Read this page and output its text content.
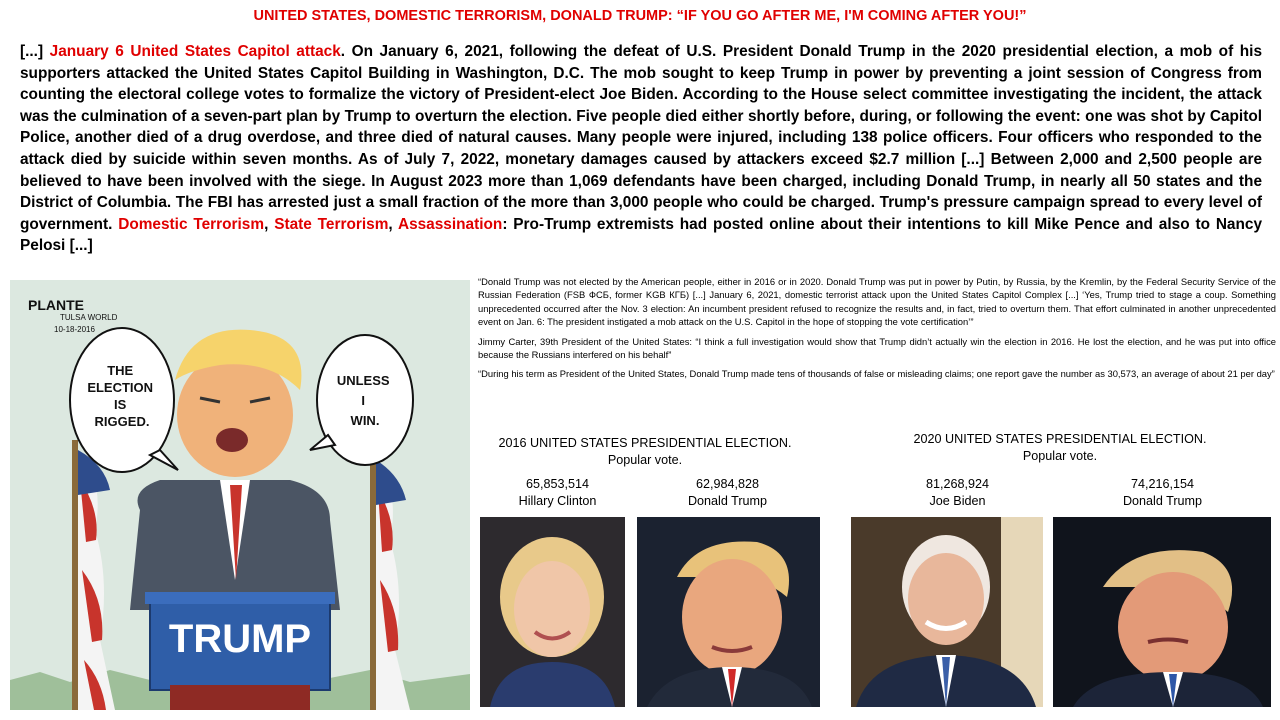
UNITED STATES, DOMESTIC TERRORISM, DONALD TRUMP: “IF YOU GO AFTER ME, I'M COMING AFTER YOU!”
[...] January 6 United States Capitol attack. On January 6, 2021, following the defeat of U.S. President Donald Trump in the 2020 presidential election, a mob of his supporters attacked the United States Capitol Building in Washington, D.C. The mob sought to keep Trump in power by preventing a joint session of Congress from counting the electoral college votes to formalize the victory of President-elect Joe Biden. According to the House select committee investigating the incident, the attack was the culmination of a seven-part plan by Trump to overturn the election. Five people died either shortly before, during, or following the event: one was shot by Capitol Police, another died of a drug overdose, and three died of natural causes. Many people were injured, including 138 police officers. Four officers who responded to the attack died by suicide within seven months. As of July 7, 2022, monetary damages caused by attackers exceed $2.7 million [...] Between 2,000 and 2,500 people are believed to have been involved with the siege. In August 2023 more than 1,069 defendants have been charged, including Donald Trump, in nearly all 50 states and the District of Columbia. The FBI has arrested just a small fraction of the more than 3,000 people who could be charged. Trump's pressure campaign spread to every level of government. Domestic Terrorism, State Terrorism, Assassination: Pro-Trump extremists had posted online about their intentions to kill Mike Pence and also to Nancy Pelosi [...]
TRUMP
THE ELECTION IS RIGGED.
UNLESS I WIN.
PLANTE
TULSA WORLD
10-18-2016

“Donald Trump was not elected by the American people, either in 2016 or in 2020. Donald Trump was put in power by Putin, by Russia, by the Kremlin, by the Federal Security Service of the Russian Federation (FSB ФСБ, former KGB КГБ) [...] January 6, 2021, domestic terrorist attack upon the United States Capitol Complex [...] ‘Yes, Trump tried to stage a coup. Something unprecedented occurred after the Nov. 3 election: An incumbent president refused to recognize the results and, in fact, tried to overturn them. That effort culminated in another unprecedented event on Jan. 6: The president instigated a mob attack on the U.S. Capitol in the hope of stopping the vote certification’”

Jimmy Carter, 39th President of the United States: “I think a full investigation would show that Trump didn’t actually win the election in 2016. He lost the election, and he was put into office because the Russians interfered on his behalf”

“During his term as President of the United States, Donald Trump made tens of thousands of false or misleading claims; one report gave the number as 30,573, an average of about 21 per day”

2016 UNITED STATES PRESIDENTIAL ELECTION.
Popular vote.
65,853,514
Hillary Clinton
62,984,828
Donald Trump
2020 UNITED STATES PRESIDENTIAL ELECTION.
Popular vote.
81,268,924
Joe Biden
74,216,154
Donald Trump
